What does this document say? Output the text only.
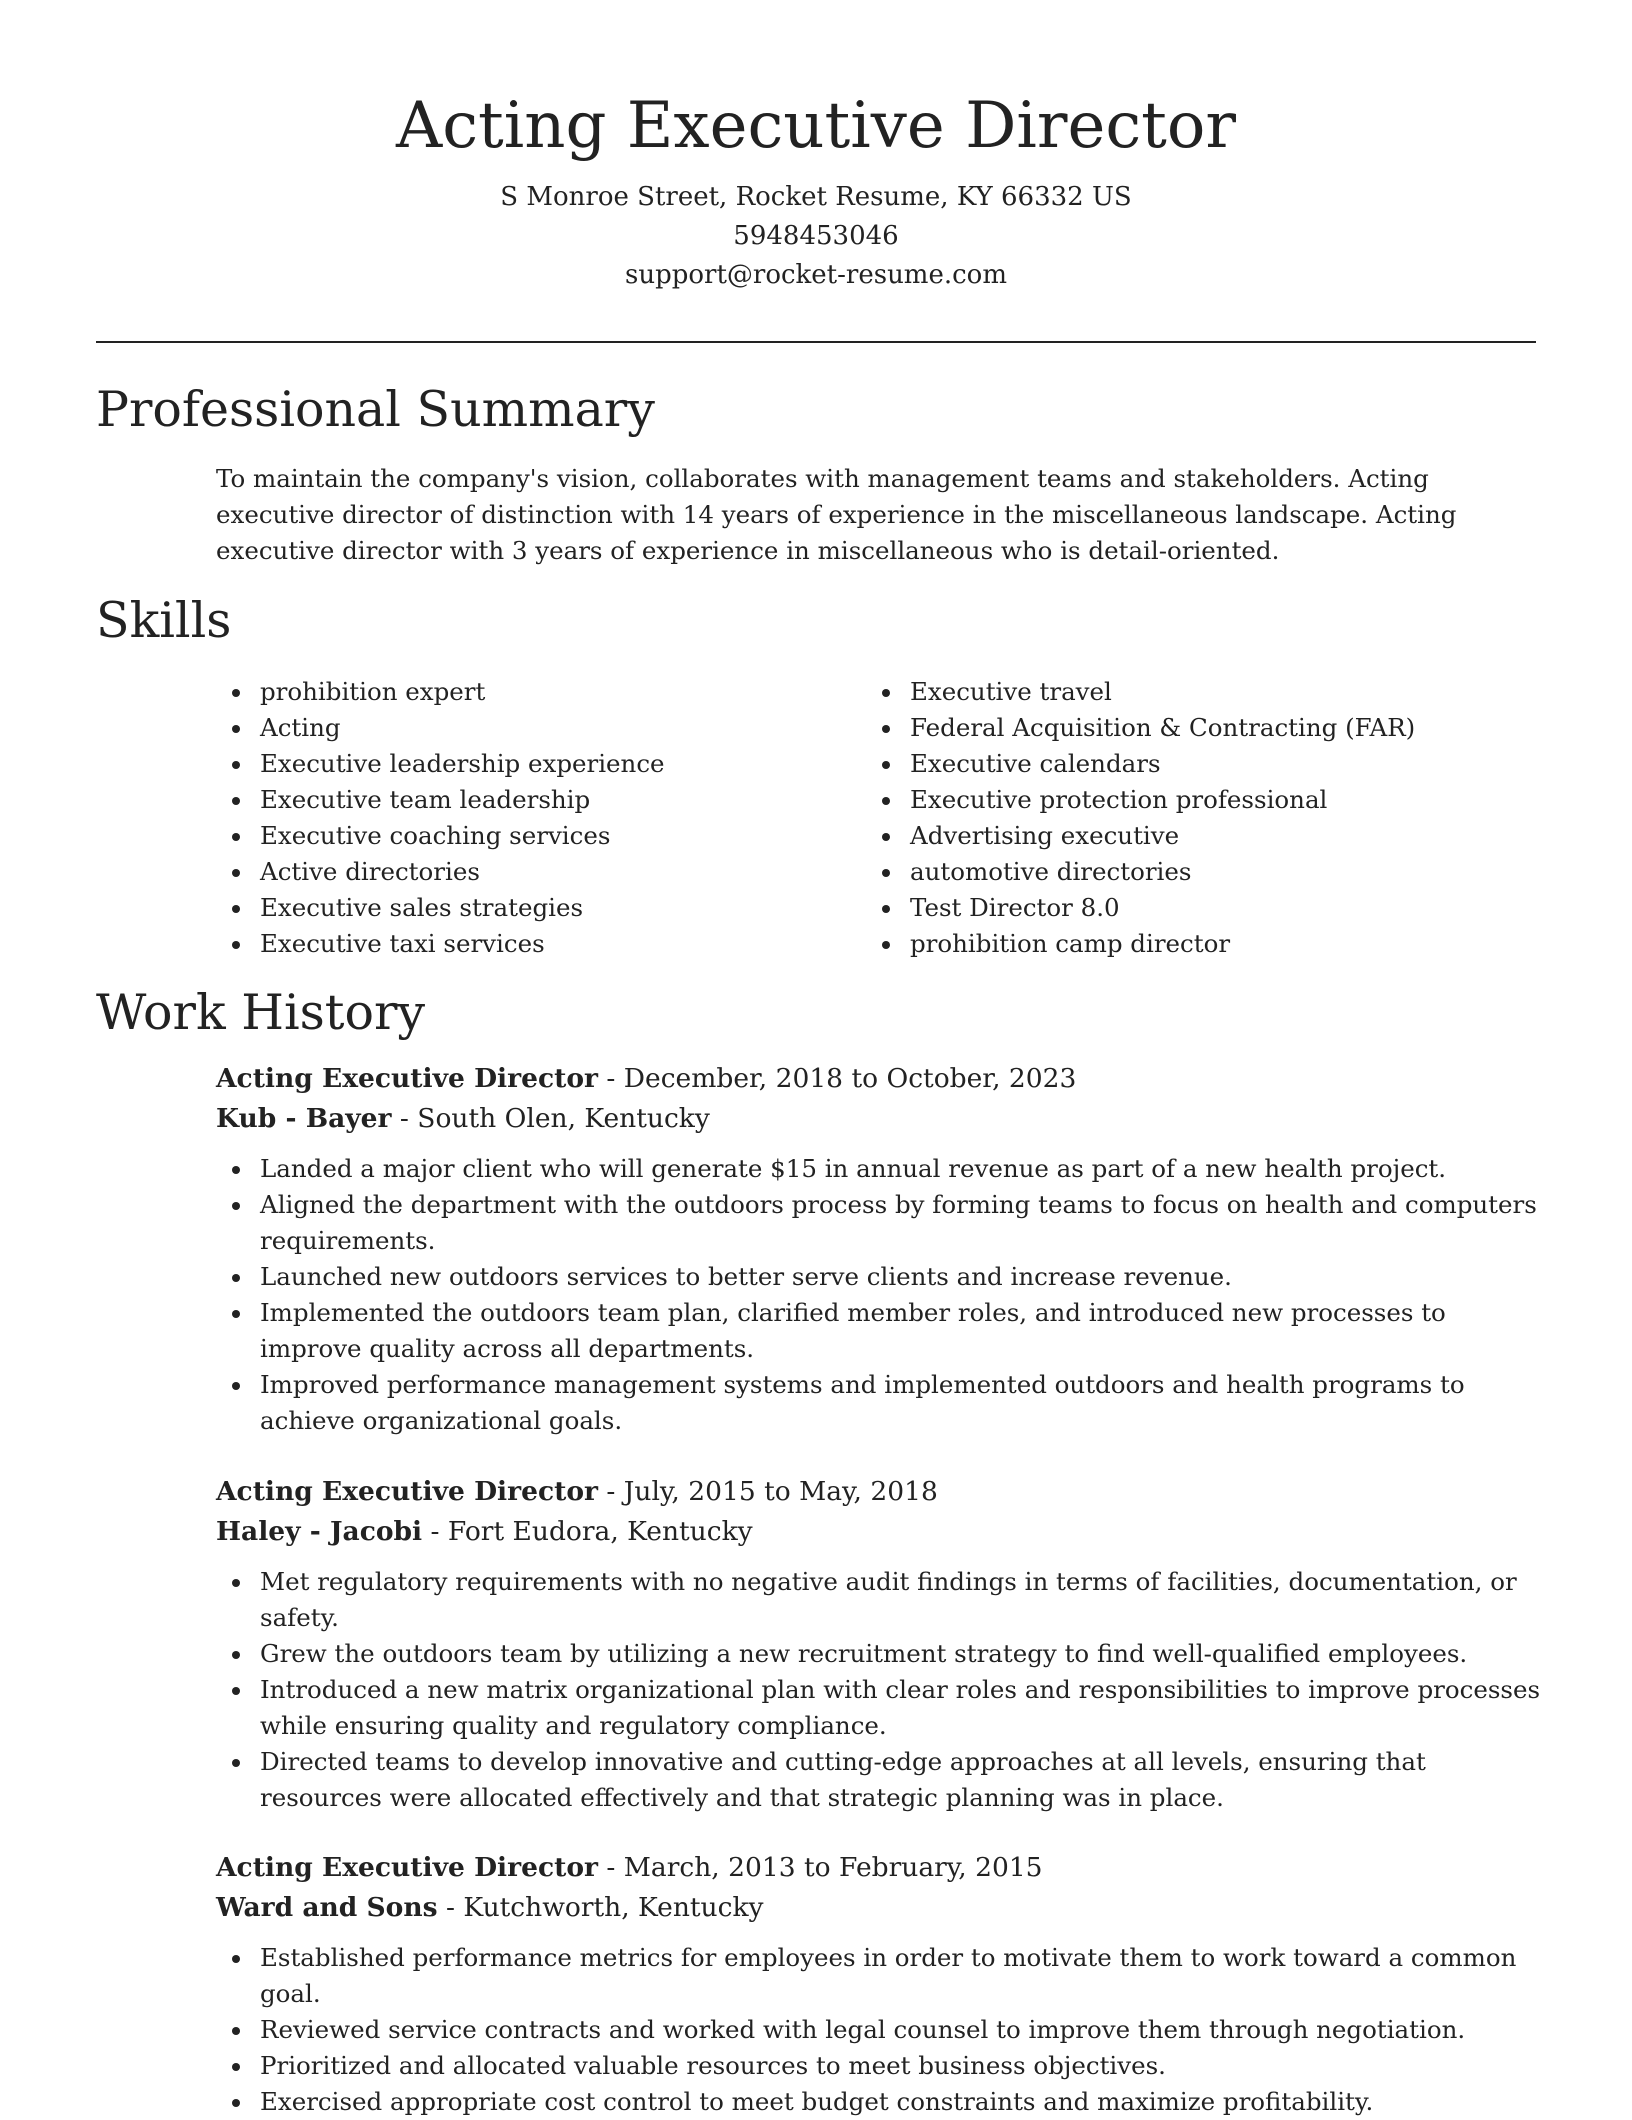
Acting Executive Director

S Monroe Street, Rocket Resume, KY 66332 US

5948453046

support@rocket-resume.com

Professional Summary

To maintain the company's vision, collaborates with management teams and stakeholders. Acting executive director of distinction with 14 years of experience in the miscellaneous landscape. Acting executive director with 3 years of experience in miscellaneous who is detail-oriented.

Skills
prohibition expert
Acting
Executive leadership experience
Executive team leadership
Executive coaching services
Active directories
Executive sales strategies
Executive taxi services
Executive travel
Federal Acquisition & Contracting (FAR)
Executive calendars
Executive protection professional
Advertising executive
automotive directories
Test Director 8.0
prohibition camp director
Work History

Acting Executive Director - December, 2018 to October, 2023

Kub - Bayer - South Olen, Kentucky

Landed a major client who will generate $15 in annual revenue as part of a new health project.
Aligned the department with the outdoors process by forming teams to focus on health and computers requirements.
Launched new outdoors services to better serve clients and increase revenue.
Implemented the outdoors team plan, clarified member roles, and introduced new processes to improve quality across all departments.
Improved performance management systems and implemented outdoors and health programs to achieve organizational goals.

Acting Executive Director - July, 2015 to May, 2018

Haley - Jacobi - Fort Eudora, Kentucky

Met regulatory requirements with no negative audit findings in terms of facilities, documentation, or safety.
Grew the outdoors team by utilizing a new recruitment strategy to find well-qualified employees.
Introduced a new matrix organizational plan with clear roles and responsibilities to improve processes while ensuring quality and regulatory compliance.
Directed teams to develop innovative and cutting-edge approaches at all levels, ensuring that resources were allocated effectively and that strategic planning was in place.

Acting Executive Director - March, 2013 to February, 2015

Ward and Sons - Kutchworth, Kentucky

Established performance metrics for employees in order to motivate them to work toward a common goal.
Reviewed service contracts and worked with legal counsel to improve them through negotiation.
Prioritized and allocated valuable resources to meet business objectives.
Exercised appropriate cost control to meet budget constraints and maximize profitability.
